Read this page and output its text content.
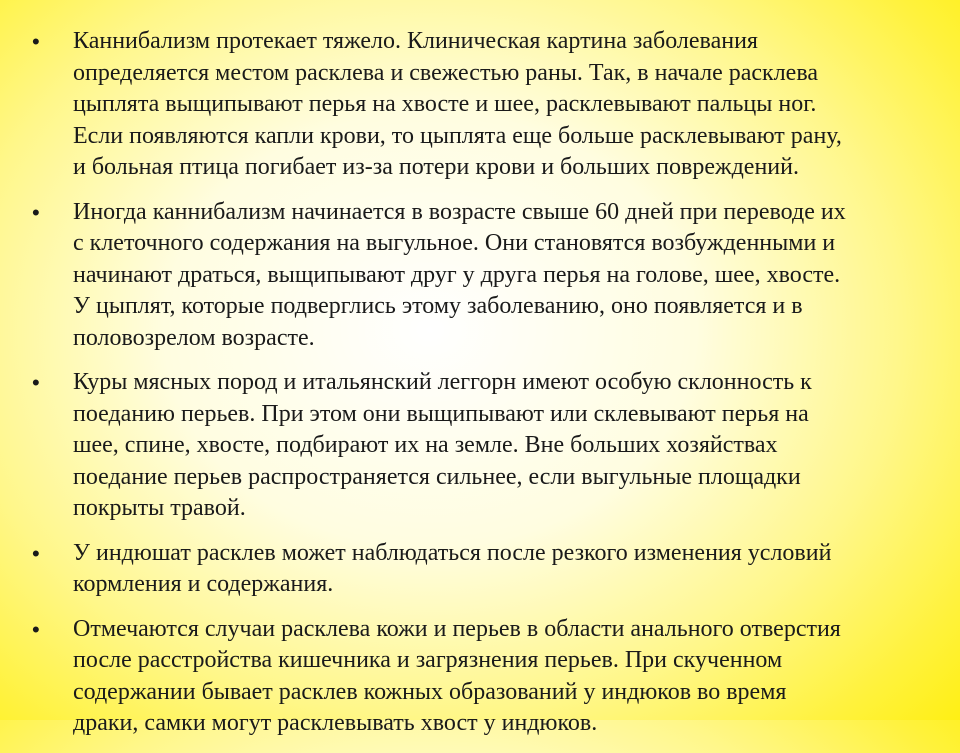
• Каннибализм протекает тяжело. Клиническая картина заболевания
определяется местом расклева и свежестью раны. Так, в начале расклева
цыплята выщипывают перья на хвосте и шее, расклевывают пальцы ног.
Если появляются капли крови, то цыплята еще больше расклевывают рану,
и больная птица погибает из-за потери крови и больших повреждений.
• Иногда каннибализм начинается в возрасте свыше 60 дней при переводе их
с клеточного содержания на выгульное. Они становятся возбужденными и
начинают драться, выщипывают друг у друга перья на голове, шее, хвосте.
У цыплят, которые подверглись этому заболеванию, оно появляется и в
половозрелом возрасте.
• Куры мясных пород и итальянский леггорн имеют особую склонность к
поеданию перьев. При этом они выщипывают или склевывают перья на
шее, спине, хвосте, подбирают их на земле. Вне больших хозяйствах
поедание перьев распространяется сильнее, если выгульные площадки
покрыты травой.
• У индюшат расклев может наблюдаться после резкого изменения условий
кормления и содержания.
• Отмечаются случаи расклева кожи и перьев в области анального отверстия
после расстройства кишечника и загрязнения перьев. При скученном
содержании бывает расклев кожных образований у индюков во время
драки, самки могут расклевывать хвост у индюков.
